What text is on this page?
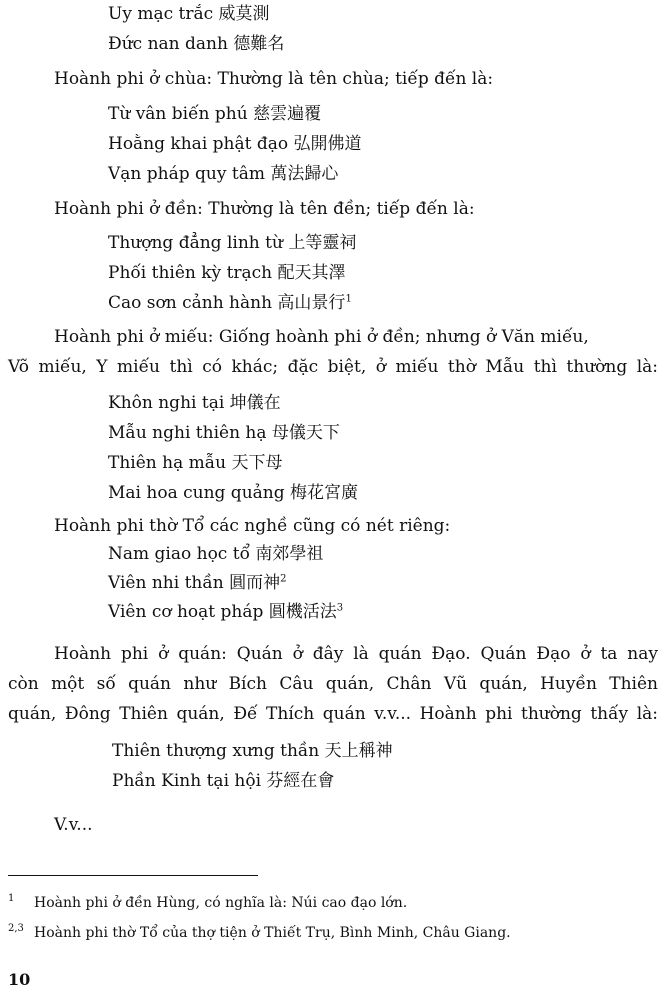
Uy mạc trắc 威莫測
Đức nan danh 德難名
Hoành phi ở chùa: Thường là tên chùa; tiếp đến là:
Từ vân biến phú 慈雲遍覆
Hoằng khai phật đạo 弘開佛道
Vạn pháp quy tâm 萬法歸心
Hoành phi ở đền: Thường là tên đền; tiếp đến là:
Thượng đẳng linh từ 上等靈祠
Phối thiên kỳ trạch 配天其澤
Cao sơn cảnh hành 高山景行$^1$
Hoành phi ở miếu: Giống hoành phi ở đền; nhưng ở Văn miếu,
Võ miếu, Y miếu thì có khác; đặc biệt, ở miếu thờ Mẫu thì thường là:
Khôn nghi tại 坤儀在
Mẫu nghi thiên hạ 母儀天下
Thiên hạ mẫu 天下母
Mai hoa cung quảng 梅花宮廣
Hoành phi thờ Tổ các nghề cũng có nét riêng:
Nam giao học tổ 南郊學祖
Viên nhi thần 圓而神$^2$
Viên cơ hoạt pháp 圓機活法$^3$
Hoành phi ở quán: Quán ở đây là quán Đạo. Quán Đạo ở ta nay
còn một số quán như Bích Câu quán, Chân Vũ quán, Huyền Thiên
quán, Đông Thiên quán, Đế Thích quán v.v... Hoành phi thường thấy là:
Thiên thượng xưng thần 天上稱神
Phần Kinh tại hội 芬經在會
V.v...
1 Hoành phi ở đền Hùng, có nghĩa là: Núi cao đạo lớn.
2,3 Hoành phi thờ Tổ của thợ tiện ở Thiết Trụ, Bình Minh, Châu Giang.
10
